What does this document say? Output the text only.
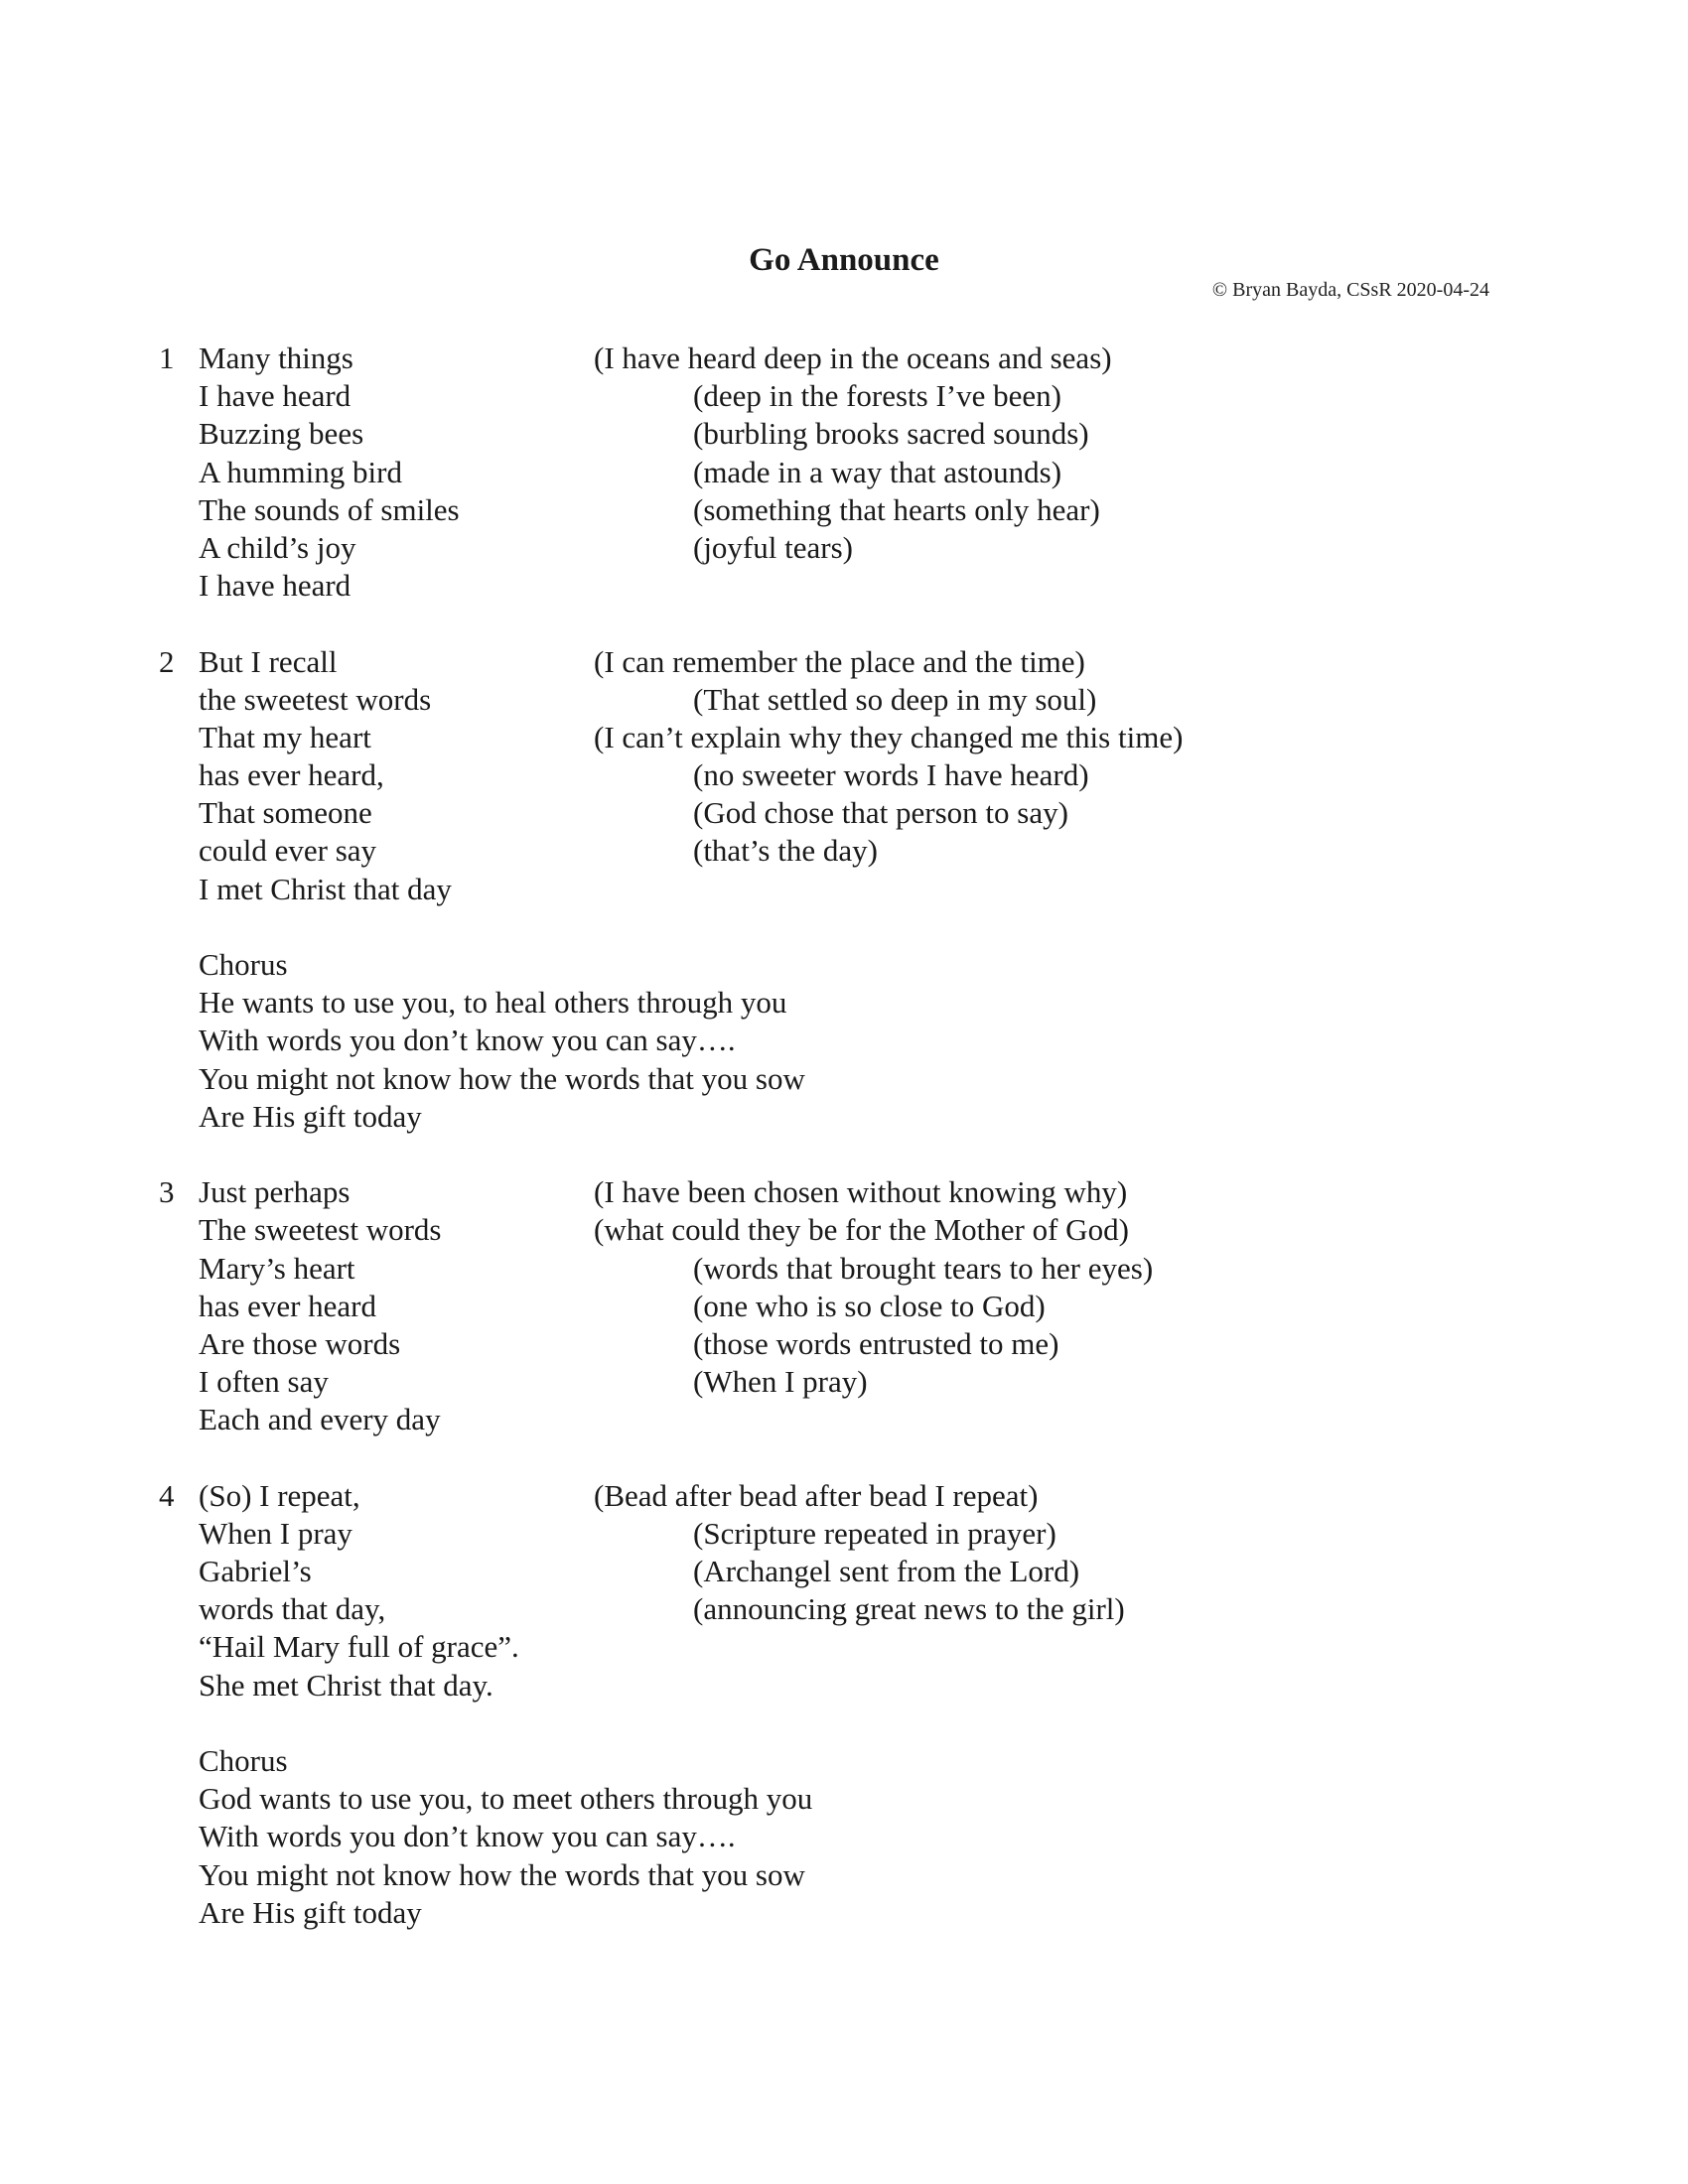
Go Announce
© Bryan Bayda, CSsR 2020-04-24
1 Many things	(I have heard deep in the oceans and seas)
I have heard	(deep in the forests I’ve been)
Buzzing bees	(burbling brooks sacred sounds)
A humming bird	(made in a way that astounds)
The sounds of smiles	(something that hearts only hear)
A child’s joy	(joyful tears)
I have heard
2 But I recall	(I can remember the place and the time)
the sweetest words	(That settled so deep in my soul)
That my heart	(I can’t explain why they changed me this time)
has ever heard,	(no sweeter words I have heard)
That someone	(God chose that person to say)
could ever say	(that’s the day)
I met Christ that day
Chorus
He wants to use you, to heal others through you
With words you don’t know you can say….
You might not know how the words that you sow
Are His gift today
3 Just perhaps	(I have been chosen without knowing why)
The sweetest words	(what could they be for the Mother of God)
Mary’s heart	(words that brought tears to her eyes)
has ever heard	(one who is so close to God)
Are those words	(those words entrusted to me)
I often say	(When I pray)
Each and every day
4 (So) I repeat,	(Bead after bead after bead I repeat)
When I pray	(Scripture repeated in prayer)
Gabriel’s	(Archangel sent from the Lord)
words that day,	(announcing great news to the girl)
“Hail Mary full of grace”.
She met Christ that day.
Chorus
God wants to use you, to meet others through you
With words you don’t know you can say….
You might not know how the words that you sow
Are His gift today
